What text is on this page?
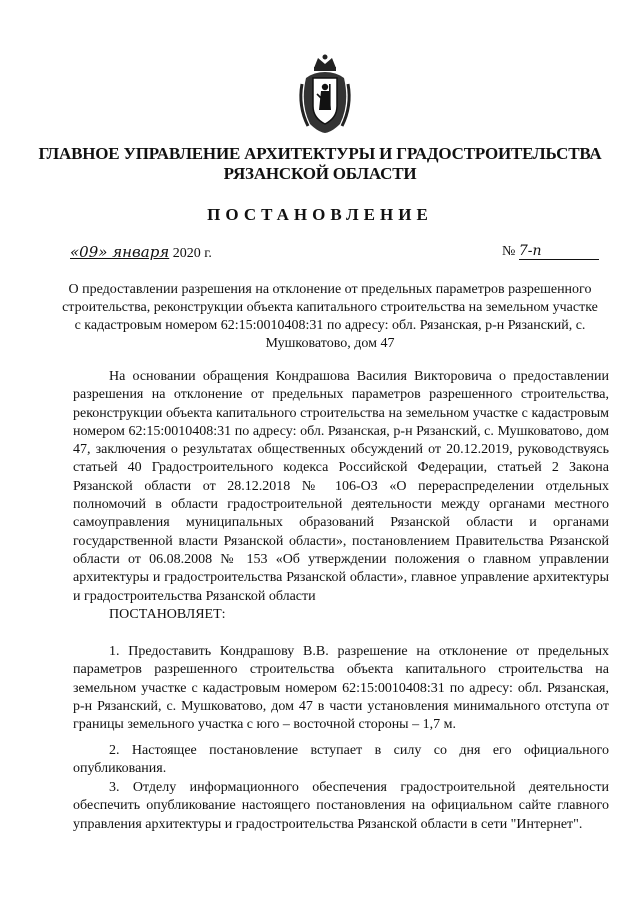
ГЛАВНОЕ УПРАВЛЕНИЕ АРХИТЕКТУРЫ И ГРАДОСТРОИТЕЛЬСТВА
РЯЗАНСКОЙ ОБЛАСТИ
ПОСТАНОВЛЕНИЕ
«09» января 2020 г.	№ 7-п
О предоставлении разрешения на отклонение от предельных параметров разрешенного строительства, реконструкции объекта капитального строительства на земельном участке с кадастровым номером 62:15:0010408:31 по адресу: обл. Рязанская, р-н Рязанский, с. Мушковатово, дом 47
На основании обращения Кондрашова Василия Викторовича о предоставлении разрешения на отклонение от предельных параметров разрешенного строительства, реконструкции объекта капитального строительства на земельном участке с кадастровым номером 62:15:0010408:31 по адресу: обл. Рязанская, р-н Рязанский, с. Мушковатово, дом 47, заключения о результатах общественных обсуждений от 20.12.2019, руководствуясь статьей 40 Градостроительного кодекса Российской Федерации, статьей 2 Закона Рязанской области от 28.12.2018 № 106-ОЗ «О перераспределении отдельных полномочий в области градостроительной деятельности между органами местного самоуправления муниципальных образований Рязанской области и органами государственной власти Рязанской области», постановлением Правительства Рязанской области от 06.08.2008 № 153 «Об утверждении положения о главном управлении архитектуры и градостроительства Рязанской области», главное управление архитектуры и градостроительства Рязанской области
ПОСТАНОВЛЯЕТ:
1. Предоставить Кондрашову В.В. разрешение на отклонение от предельных параметров разрешенного строительства объекта капитального строительства на земельном участке с кадастровым номером 62:15:0010408:31 по адресу: обл. Рязанская, р-н Рязанский, с. Мушковатово, дом 47 в части установления минимального отступа от границы земельного участка с юго – восточной стороны – 1,7 м.
2. Настоящее постановление вступает в силу со дня его официального опубликования.
3. Отделу информационного обеспечения градостроительной деятельности обеспечить опубликование настоящего постановления на официальном сайте главного управления архитектуры и градостроительства Рязанской области в сети "Интернет".
